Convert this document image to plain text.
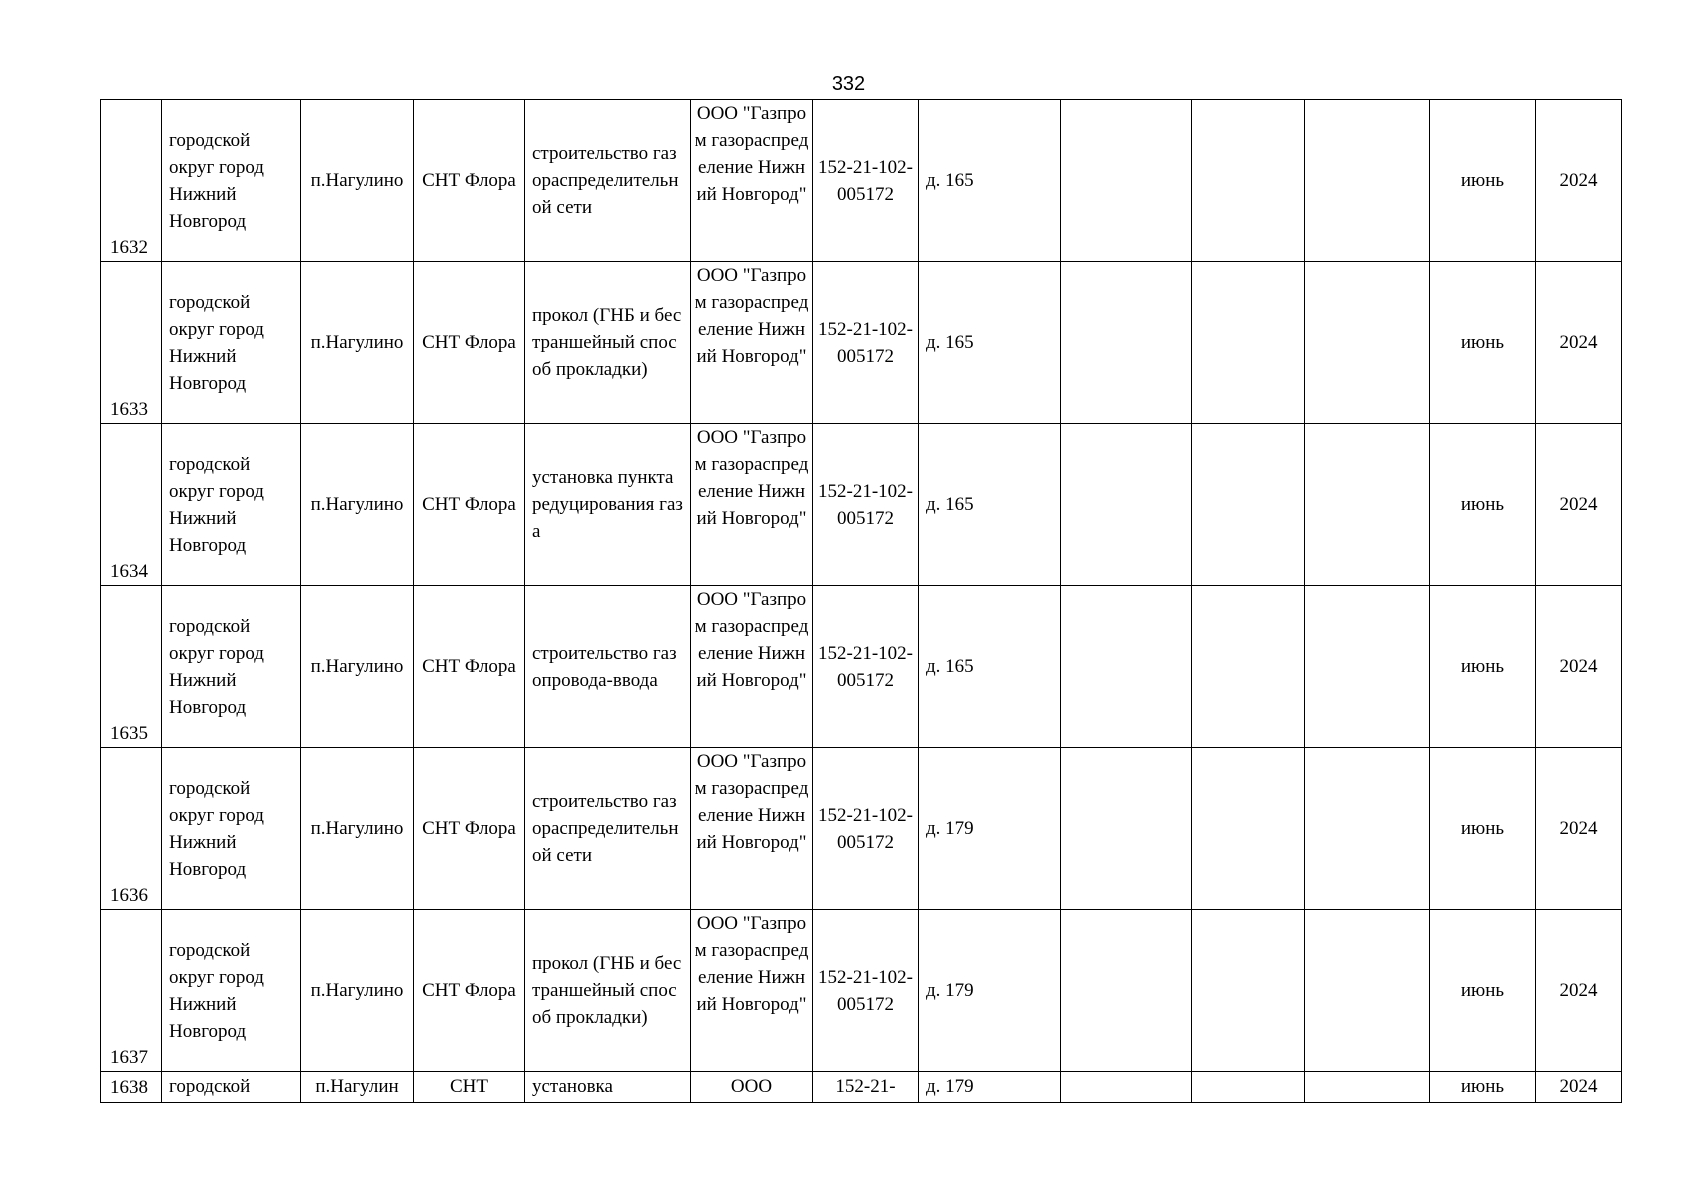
332
1632	городской округ город Нижний Новгород	п.Нагулино	СНТ Флора	строительство газораспределительной сети	ООО "Газпром газораспределение Нижний Новгород"	152-21-102-005172	д. 165				июнь	2024

1633	городской округ город Нижний Новгород	п.Нагулино	СНТ Флора	прокол (ГНБ и бестраншейный способ прокладки)	ООО "Газпром газораспределение Нижний Новгород"	152-21-102-005172	д. 165				июнь	2024

1634	городской округ город Нижний Новгород	п.Нагулино	СНТ Флора	установка пункта редуцирования газа	ООО "Газпром газораспределение Нижний Новгород"	152-21-102-005172	д. 165				июнь	2024

1635	городской округ город Нижний Новгород	п.Нагулино	СНТ Флора	строительство газопровода-ввода	ООО "Газпром газораспределение Нижний Новгород"	152-21-102-005172	д. 165				июнь	2024

1636	городской округ город Нижний Новгород	п.Нагулино	СНТ Флора	строительство газораспределительной сети	ООО "Газпром газораспределение Нижний Новгород"	152-21-102-005172	д. 179				июнь	2024

1637	городской округ город Нижний Новгород	п.Нагулино	СНТ Флора	прокол (ГНБ и бестраншейный способ прокладки)	ООО "Газпром газораспределение Нижний Новгород"	152-21-102-005172	д. 179				июнь	2024

1638	городской	п.Нагулин	СНТ	установка	ООО	152-21-	д. 179				июнь	2024
